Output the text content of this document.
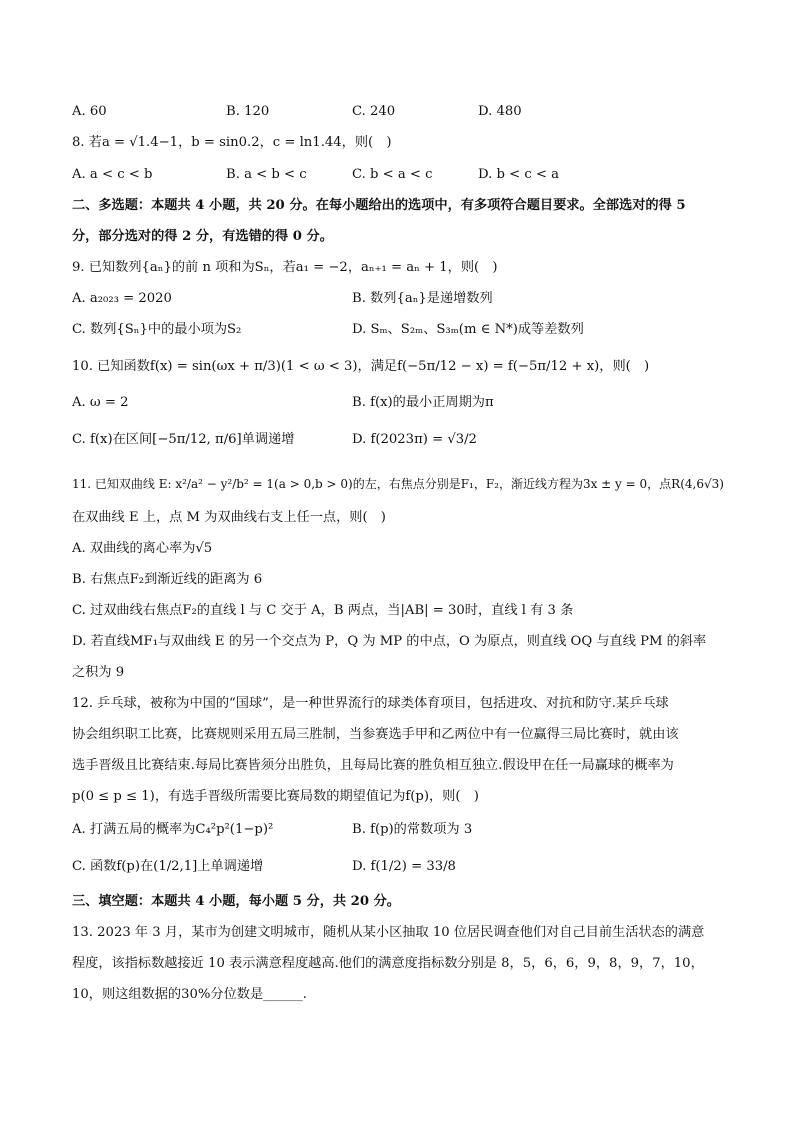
A. 60	B. 120	C. 240	D. 480
8. 若a = √1.4−1，b = sin0.2，c = ln1.44，则(　)
A. a < c < b	B. a < b < c	C. b < a < c	D. b < c < a
二、多选题：本题共 4 小题，共 20 分。在每小题给出的选项中，有多项符合题目要求。全部选对的得 5
分，部分选对的得 2 分，有选错的得 0 分。
9. 已知数列{aₙ}的前 n 项和为Sₙ，若a₁ = −2，aₙ₊₁ = aₙ + 1，则(　)
A. a₂₀₂₃ = 2020	B. 数列{aₙ}是递增数列
C. 数列{Sₙ}中的最小项为S₂	D. Sₘ、S₂ₘ、S₃ₘ(m ∈ N*)成等差数列
10. 已知函数f(x) = sin(ωx + π/3)(1 < ω < 3)，满足f(−5π/12 − x) = f(−5π/12 + x)，则(　)
A. ω = 2	B. f(x)的最小正周期为π
C. f(x)在区间[−5π/12, π/6]单调递增	D. f(2023π) = √3/2
11. 已知双曲线 E: x²/a² − y²/b² = 1(a > 0,b > 0)的左，右焦点分别是F₁，F₂，渐近线方程为3x ± y = 0，点R(4,6√3)
在双曲线 E 上，点 M 为双曲线右支上任一点，则(　)
A. 双曲线的离心率为√5
B. 右焦点F₂到渐近线的距离为 6
C. 过双曲线右焦点F₂的直线 l 与 C 交于 A，B 两点，当|AB| = 30时，直线 l 有 3 条
D. 若直线MF₁与双曲线 E 的另一个交点为 P，Q 为 MP 的中点，O 为原点，则直线 OQ 与直线 PM 的斜率
之积为 9
12. 乒乓球，被称为中国的“国球”，是一种世界流行的球类体育项目，包括进攻、对抗和防守.某乒乓球
协会组织职工比赛，比赛规则采用五局三胜制，当参赛选手甲和乙两位中有一位赢得三局比赛时，就由该
选手晋级且比赛结束.每局比赛皆须分出胜负，且每局比赛的胜负相互独立.假设甲在任一局赢球的概率为
p(0 ≤ p ≤ 1)，有选手晋级所需要比赛局数的期望值记为f(p)，则(　)
A. 打满五局的概率为C₄²p²(1−p)²	B. f(p)的常数项为 3
C. 函数f(p)在(1/2,1]上单调递增	D. f(1/2) = 33/8
三、填空题：本题共 4 小题，每小题 5 分，共 20 分。
13. 2023 年 3 月，某市为创建文明城市，随机从某小区抽取 10 位居民调查他们对自己目前生活状态的满意
程度，该指标数越接近 10 表示满意程度越高.他们的满意度指标数分别是 8，5，6，6，9，8，9，7，10，
10，则这组数据的30%分位数是______.
